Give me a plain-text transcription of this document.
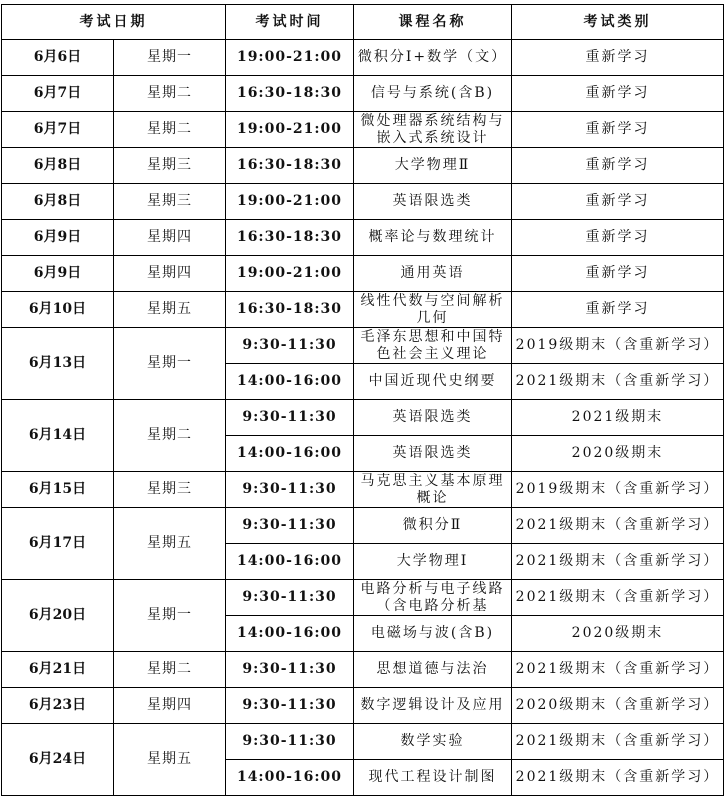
考试日期		考试时间	课程名称	考试类别
6月6日	星期一	19:00-21:00	微积分Ⅰ+数学（文）	重新学习
6月7日	星期二	16:30-18:30	信号与系统(含B)	重新学习
6月7日	星期二	19:00-21:00	微处理器系统结构与嵌入式系统设计	重新学习
6月8日	星期三	16:30-18:30	大学物理Ⅱ	重新学习
6月8日	星期三	19:00-21:00	英语限选类	重新学习
6月9日	星期四	16:30-18:30	概率论与数理统计	重新学习
6月9日	星期四	19:00-21:00	通用英语	重新学习
6月10日	星期五	16:30-18:30	线性代数与空间解析几何	重新学习
6月13日	星期一	9:30-11:30	毛泽东思想和中国特色社会主义理论	2019级期末（含重新学习）
		14:00-16:00	中国近现代史纲要	2021级期末（含重新学习）
6月14日	星期二	9:30-11:30	英语限选类	2021级期末
		14:00-16:00	英语限选类	2020级期末
6月15日	星期三	9:30-11:30	马克思主义基本原理概论	2019级期末（含重新学习）
6月17日	星期五	9:30-11:30	微积分Ⅱ	2021级期末（含重新学习）
		14:00-16:00	大学物理Ⅰ	2021级期末（含重新学习）
6月20日	星期一	9:30-11:30	电路分析与电子线路（含电路分析基	2021级期末（含重新学习）
		14:00-16:00	电磁场与波(含B)	2020级期末
6月21日	星期二	9:30-11:30	思想道德与法治	2021级期末（含重新学习）
6月23日	星期四	9:30-11:30	数字逻辑设计及应用	2020级期末（含重新学习）
6月24日	星期五	9:30-11:30	数学实验	2021级期末（含重新学习）
		14:00-16:00	现代工程设计制图	2021级期末（含重新学习）
